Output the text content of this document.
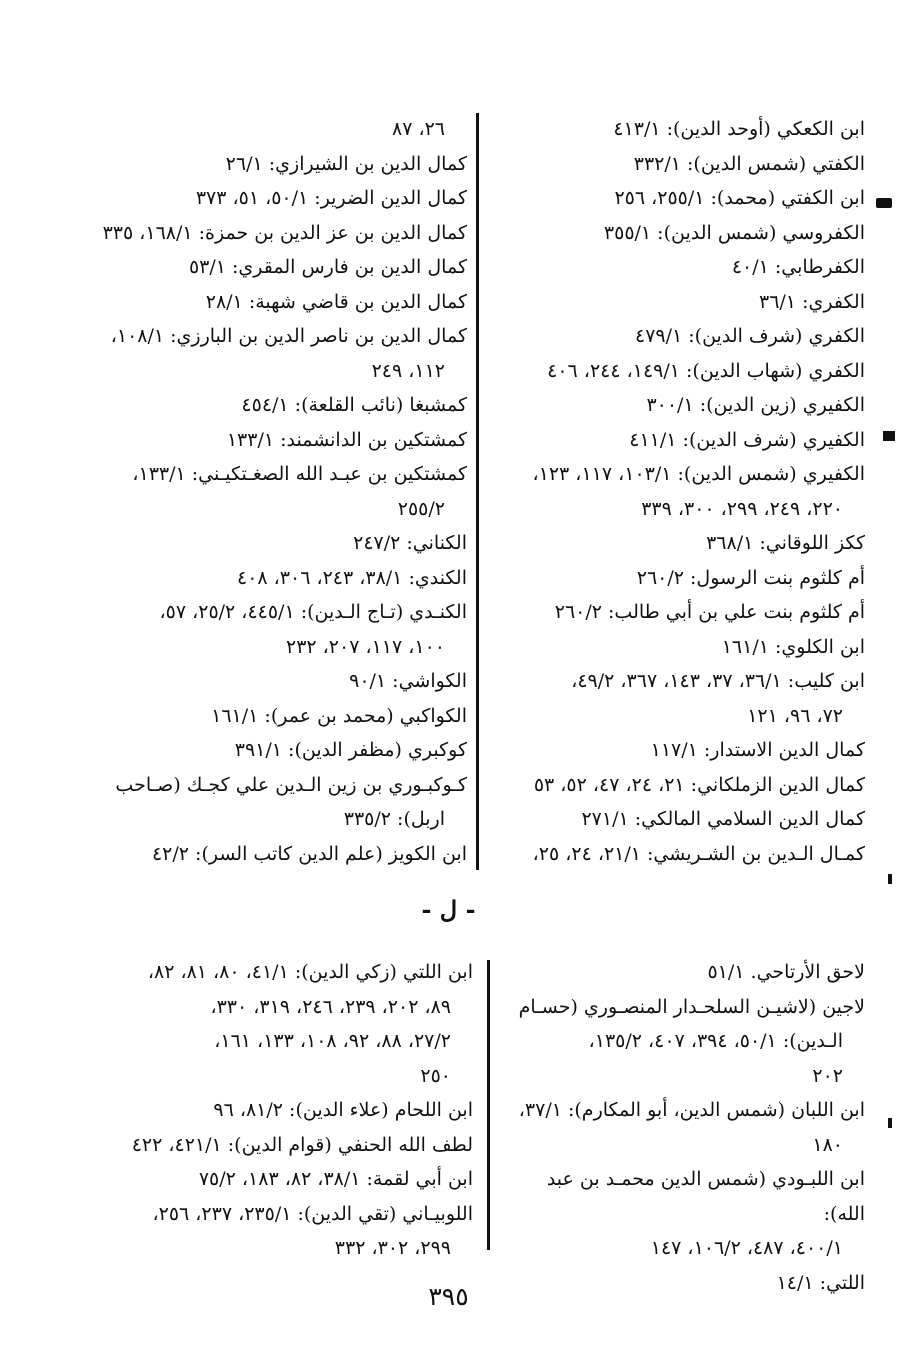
ابن الكعكي (أوحد الدين): ٤١٣/١
الكفتي (شمس الدين): ٣٣٢/١
ابن الكفتي (محمد): ٢٥٥/١، ٢٥٦
الكفروسي (شمس الدين): ٣٥٥/١
الكفرطابي: ٤٠/١
الكفري: ٣٦/١
الكفري (شرف الدين): ٤٧٩/١
الكفري (شهاب الدين): ١٤٩/١، ٢٤٤، ٤٠٦
الكفيري (زين الدين): ٣٠٠/١
الكفيري (شرف الدين): ٤١١/١
الكفيري (شمس الدين): ١٠٣/١، ١١٧، ١٢٣،
٢٢٠، ٢٤٩، ٢٩٩، ٣٠٠، ٣٣٩
ككز اللوقاني: ٣٦٨/١
أم كلثوم بنت الرسول: ٢٦٠/٢
أم كلثوم بنت علي بن أبي طالب: ٢٦٠/٢
ابن الكلوي: ١٦١/١
ابن كليب: ٣٦/١، ٣٧، ١٤٣، ٣٦٧، ٤٩/٢،
٧٢، ٩٦، ١٢١
كمال الدين الاستدار: ١١٧/١
كمال الدين الزملكاني: ٢١، ٢٤، ٤٧، ٥٢، ٥٣
كمال الدين السلامي المالكي: ٢٧١/١
كمـال الـدين بن الشـريشي: ٢١/١، ٢٤، ٢٥،
٢٦، ٨٧
كمال الدين بن الشيرازي: ٢٦/١
كمال الدين الضرير: ٥٠/١، ٥١، ٣٧٣
كمال الدين بن عز الدين بن حمزة: ١٦٨/١، ٣٣٥
كمال الدين بن فارس المقري: ٥٣/١
كمال الدين بن قاضي شهبة: ٢٨/١
كمال الدين بن ناصر الدين بن البارزي: ١٠٨/١،
١١٢، ٢٤٩
كمشبغا (نائب القلعة): ٤٥٤/١
كمشتكين بن الدانشمند: ١٣٣/١
كمشتكين بن عبـد الله الصغـتكيـني: ١٣٣/١،
٢٥٥/٢
الكناني: ٢٤٧/٢
الكندي: ٣٨/١، ٢٤٣، ٣٠٦، ٤٠٨
الكنـدي (تـاج الـدين): ٤٤٥/١، ٢٥/٢، ٥٧،
١٠٠، ١١٧، ٢٠٧، ٢٣٢
الكواشي: ٩٠/١
الكواكبي (محمد بن عمر): ١٦١/١
كوكبري (مظفر الدين): ٣٩١/١
كـوكبـوري بن زين الـدين علي كجـك (صـاحب
اربل): ٣٣٥/٢
ابن الكويز (علم الدين كاتب السر): ٤٢/٢
- ل -
لاحق الأرتاحي. ٥١/١
لاجين (لاشيـن السلحـدار المنصـوري (حسـام
الـدين): ٥٠/١، ٣٩٤، ٤٠٧، ١٣٥/٢،
٢٠٢
ابن اللبان (شمس الدين، أبو المكارم): ٣٧/١،
١٨٠
ابن اللبـودي (شمس الدين محمـد بن عبد الله):
٤٠٠/١، ٤٨٧، ١٠٦/٢، ١٤٧
اللتي: ١٤/١
ابن اللتي (زكي الدين): ٤١/١، ٨٠، ٨١، ٨٢،
٨٩، ٢٠٢، ٢٣٩، ٢٤٦، ٣١٩، ٣٣٠،
٢٧/٢، ٨٨، ٩٢، ١٠٨، ١٣٣، ١٦١،
٢٥٠
ابن اللحام (علاء الدين): ٨١/٢، ٩٦
لطف الله الحنفي (قوام الدين): ٤٢١/١، ٤٢٢
ابن أبي لقمة: ٣٨/١، ٨٢، ١٨٣، ٧٥/٢
اللوبيـاني (تقي الدين): ٢٣٥/١، ٢٣٧، ٢٥٦،
٢٩٩، ٣٠٢، ٣٣٢
٣٩٥
